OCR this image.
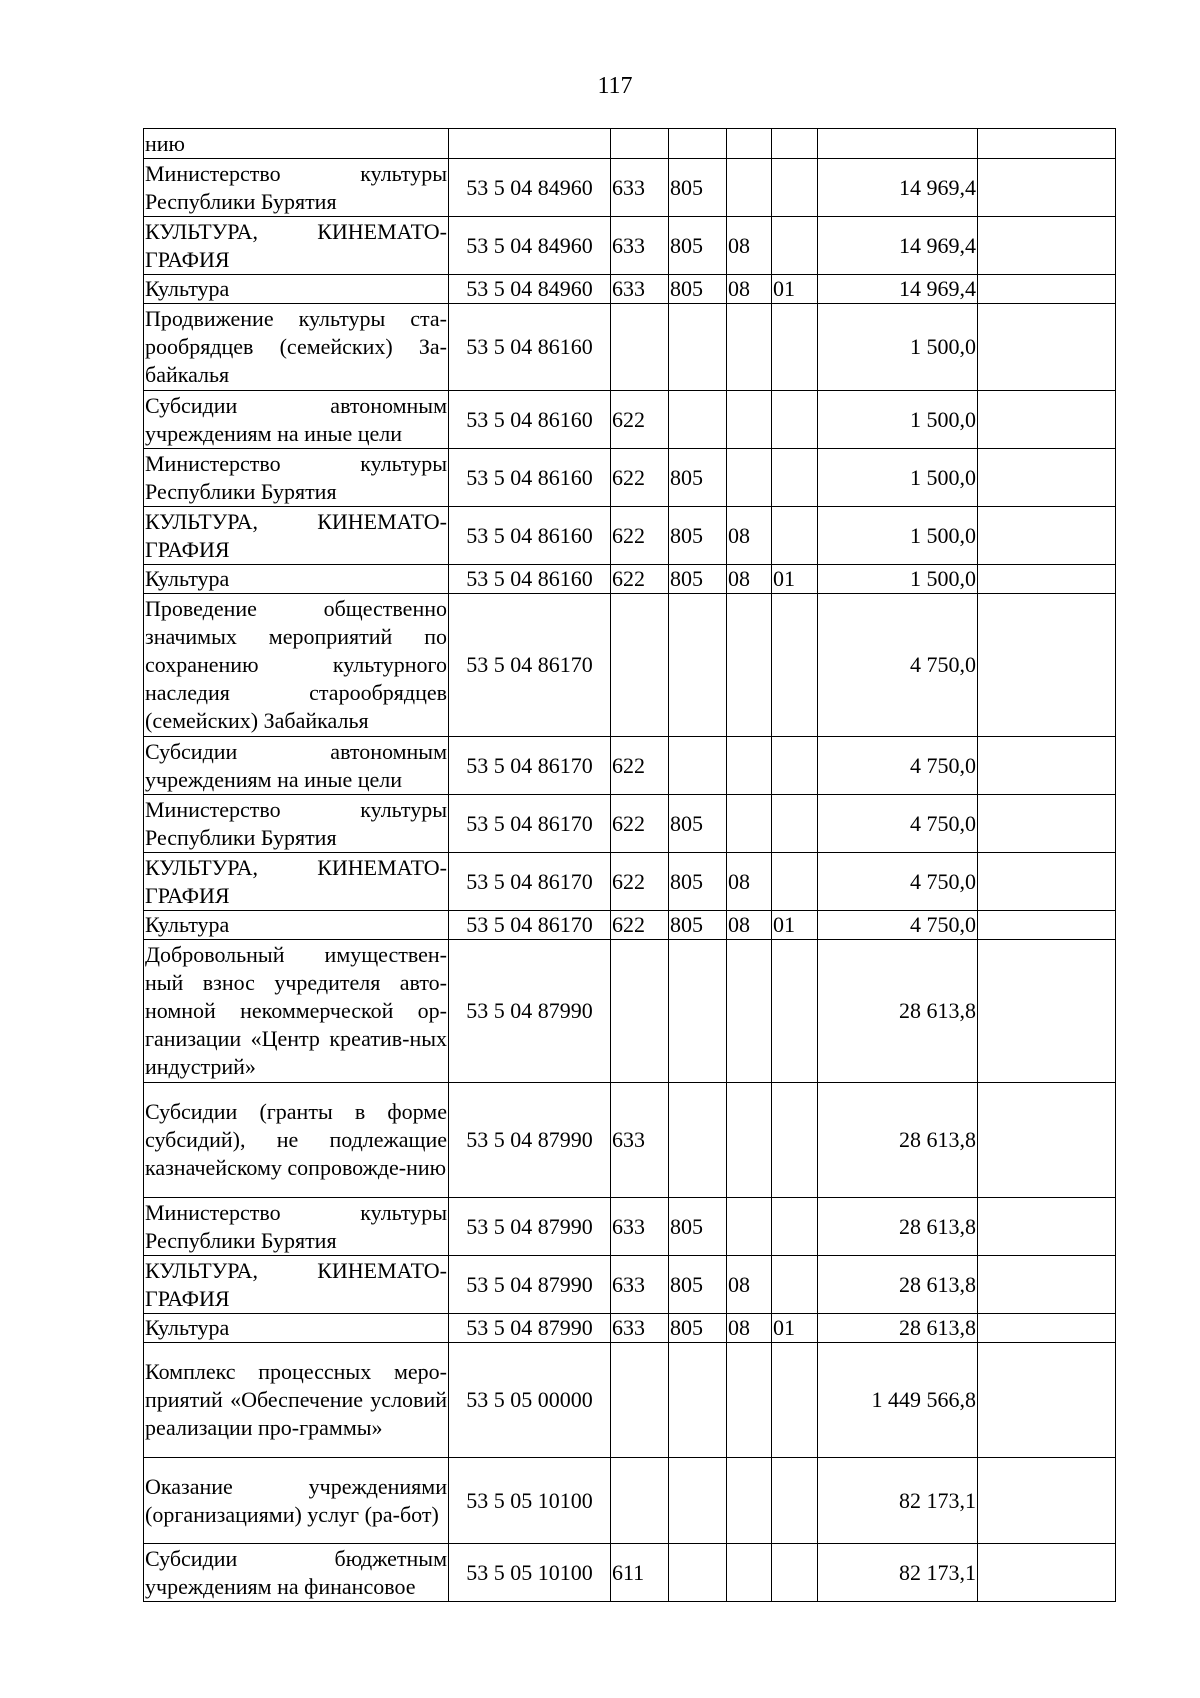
117
нию							
Министерство культуры Республики Бурятия	53 5 04 84960	633	805			14 969,4	
КУЛЬТУРА, КИНЕМАТО-ГРАФИЯ	53 5 04 84960	633	805	08		14 969,4	
Культура	53 5 04 84960	633	805	08	01	14 969,4	
Продвижение культуры ста-рообрядцев (семейских) За-байкалья	53 5 04 86160					1 500,0	
Субсидии автономным учреждениям на иные цели	53 5 04 86160	622				1 500,0	
Министерство культуры Республики Бурятия	53 5 04 86160	622	805			1 500,0	
КУЛЬТУРА, КИНЕМАТО-ГРАФИЯ	53 5 04 86160	622	805	08		1 500,0	
Культура	53 5 04 86160	622	805	08	01	1 500,0	
Проведение общественно значимых мероприятий по сохранению культурного наследия старообрядцев (семейских) Забайкалья	53 5 04 86170					4 750,0	
Субсидии автономным учреждениям на иные цели	53 5 04 86170	622				4 750,0	
Министерство культуры Республики Бурятия	53 5 04 86170	622	805			4 750,0	
КУЛЬТУРА, КИНЕМАТО-ГРАФИЯ	53 5 04 86170	622	805	08		4 750,0	
Культура	53 5 04 86170	622	805	08	01	4 750,0	
Добровольный имуществен-ный взнос учредителя авто-номной некоммерческой ор-ганизации «Центр креатив-ных индустрий»	53 5 04 87990					28 613,8	
Субсидии (гранты в форме субсидий), не подлежащие казначейскому сопровожде-нию	53 5 04 87990	633				28 613,8	
Министерство культуры Республики Бурятия	53 5 04 87990	633	805			28 613,8	
КУЛЬТУРА, КИНЕМАТО-ГРАФИЯ	53 5 04 87990	633	805	08		28 613,8	
Культура	53 5 04 87990	633	805	08	01	28 613,8	
Комплекс процессных меро-приятий «Обеспечение условий реализации про-граммы»	53 5 05 00000					1 449 566,8	
Оказание учреждениями (организациями) услуг (ра-бот)	53 5 05 10100					82 173,1	
Субсидии бюджетным учреждениям на финансовое	53 5 05 10100	611				82 173,1	
